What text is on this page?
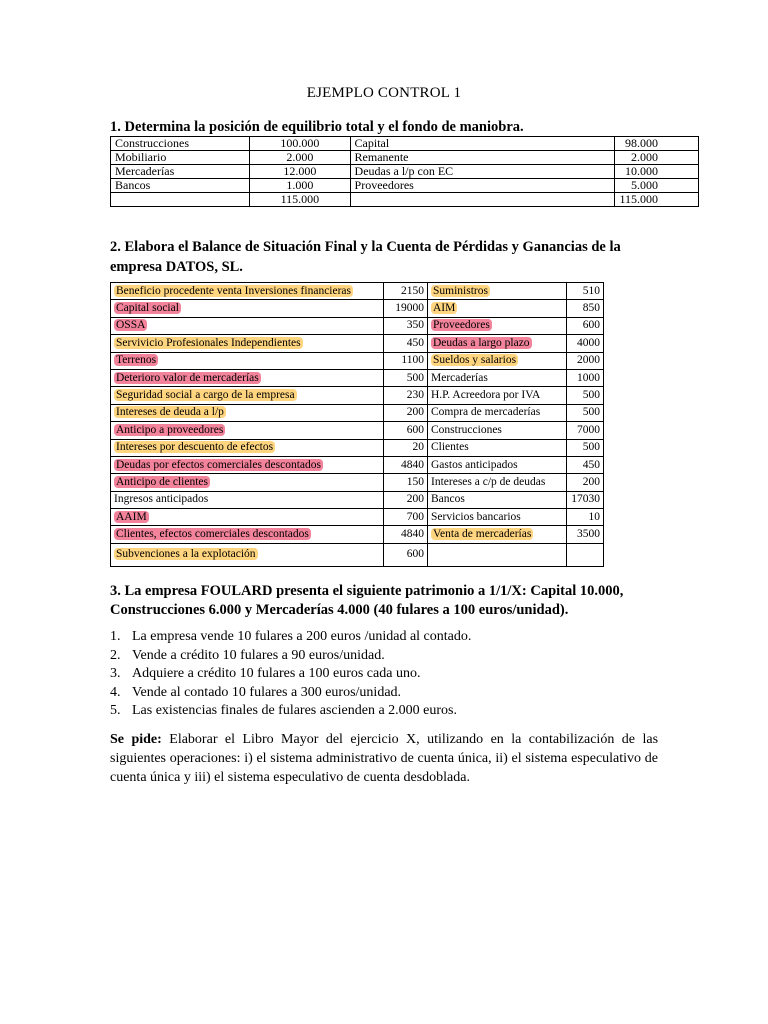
EJEMPLO CONTROL 1
1. Determina la posición de equilibrio total y el fondo de maniobra.
Construcciones	100.000	Capital	98.000
Mobiliario	2.000	Remanente	2.000
Mercaderías	12.000	Deudas a l/p con EC	10.000
Bancos	1.000	Proveedores	5.000
	115.000		115.000
2. Elabora el Balance de Situación Final y la Cuenta de Pérdidas y Ganancias de la empresa DATOS, SL.
Beneficio procedente venta Inversiones financieras	2150	Suministros	510
Capital social	19000	AIM	850
OSSA	350	Proveedores	600
Servivicio Profesionales Independientes	450	Deudas a largo plazo	4000
Terrenos	1100	Sueldos y salarios	2000
Deterioro valor de mercaderías	500	Mercaderías	1000
Seguridad social a cargo de la empresa	230	H.P. Acreedora por IVA	500
Intereses de deuda a l/p	200	Compra de mercaderías	500
Anticipo a proveedores	600	Construcciones	7000
Intereses por descuento de efectos	20	Clientes	500
Deudas por efectos comerciales descontados	4840	Gastos anticipados	450
Anticipo de clientes	150	Intereses a c/p de deudas	200
Ingresos anticipados	200	Bancos	17030
AAIM	700	Servicios bancarios	10
Clientes, efectos comerciales descontados	4840	Venta de mercaderías	3500
Subvenciones a la explotación	600		
3. La empresa FOULARD presenta el siguiente patrimonio a 1/1/X: Capital 10.000, Construcciones 6.000 y Mercaderías 4.000 (40 fulares a 100 euros/unidad).
1. La empresa vende 10 fulares a 200 euros /unidad al contado.
2. Vende a crédito 10 fulares a 90 euros/unidad.
3. Adquiere a crédito 10 fulares a 100 euros cada uno.
4. Vende al contado 10 fulares a 300 euros/unidad.
5. Las existencias finales de fulares ascienden a 2.000 euros.
Se pide: Elaborar el Libro Mayor del ejercicio X, utilizando en la contabilización de las siguientes operaciones: i) el sistema administrativo de cuenta única, ii) el sistema especulativo de cuenta única y iii) el sistema especulativo de cuenta desdoblada.
